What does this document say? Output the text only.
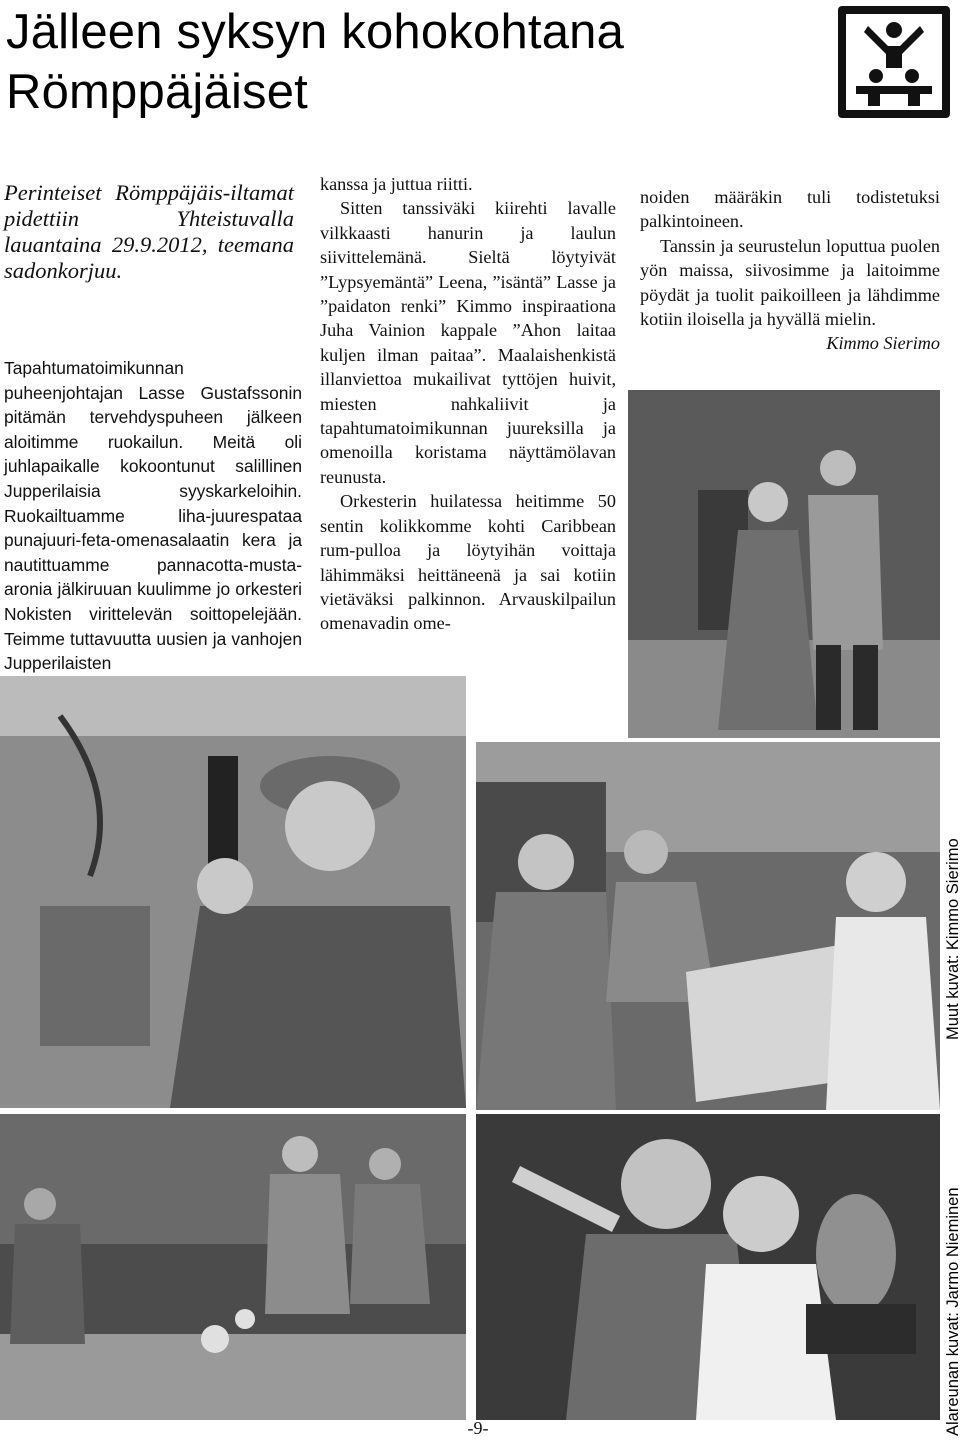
Jälleen syksyn kohokohtana
Römppäjäiset
Perinteiset Römppäjäis-iltamat pidettiin Yhteistuvalla lauantaina 29.9.2012, teemana sadonkorjuu.

Tapahtumatoimikunnan puheenjohtajan Lasse Gustafssonin pitämän tervehdyspuheen jälkeen aloitimme ruokailun. Meitä oli juhlapaikalle kokoontunut salillinen Jupperilaisia syyskarkeloihin. Ruokailtuamme liha-juurespataa punajuuri-feta-omenasalaatin kera ja nautittuamme pannacotta-musta-aronia jälkiruuan kuulimme jo orkesteri Nokisten virittelevän soittopelejään. Teimme tuttavuutta uusien ja vanhojen Jupperilaisten

kanssa ja juttua riitti.

Sitten tanssiväki kiirehti lavalle vilkkaasti hanurin ja laulun siivittelemänä. Sieltä löytyivät ”Lypsyemäntä” Leena, ”isäntä” Lasse ja ”paidaton renki” Kimmo inspiraationa Juha Vainion kappale ”Ahon laitaa kuljen ilman paitaa”. Maalaishenkistä illanviettoa mukailivat tyttöjen huivit, miesten nahkaliivit ja tapahtumatoimikunnan juureksilla ja omenoilla koristama näyttämölavan reunusta.

Orkesterin huilatessa heitimme 50 sentin kolikkomme kohti Caribbean rum-pulloa ja löytyihän voittaja lähimmäksi heittäneenä ja sai kotiin vietäväksi palkinnon. Arvauskilpailun omenavadin ome-

noiden määräkin tuli todistetuksi palkintoineen.

Tanssin ja seurustelun loputtua puolen yön maissa, siivosimme ja laitoimme pöydät ja tuolit paikoilleen ja lähdimme kotiin iloisella ja hyvällä mielin.

Kimmo Sierimo

Muut kuvat: Kimmo Sierimo
Alareunan kuvat: Jarmo Nieminen
-9-
